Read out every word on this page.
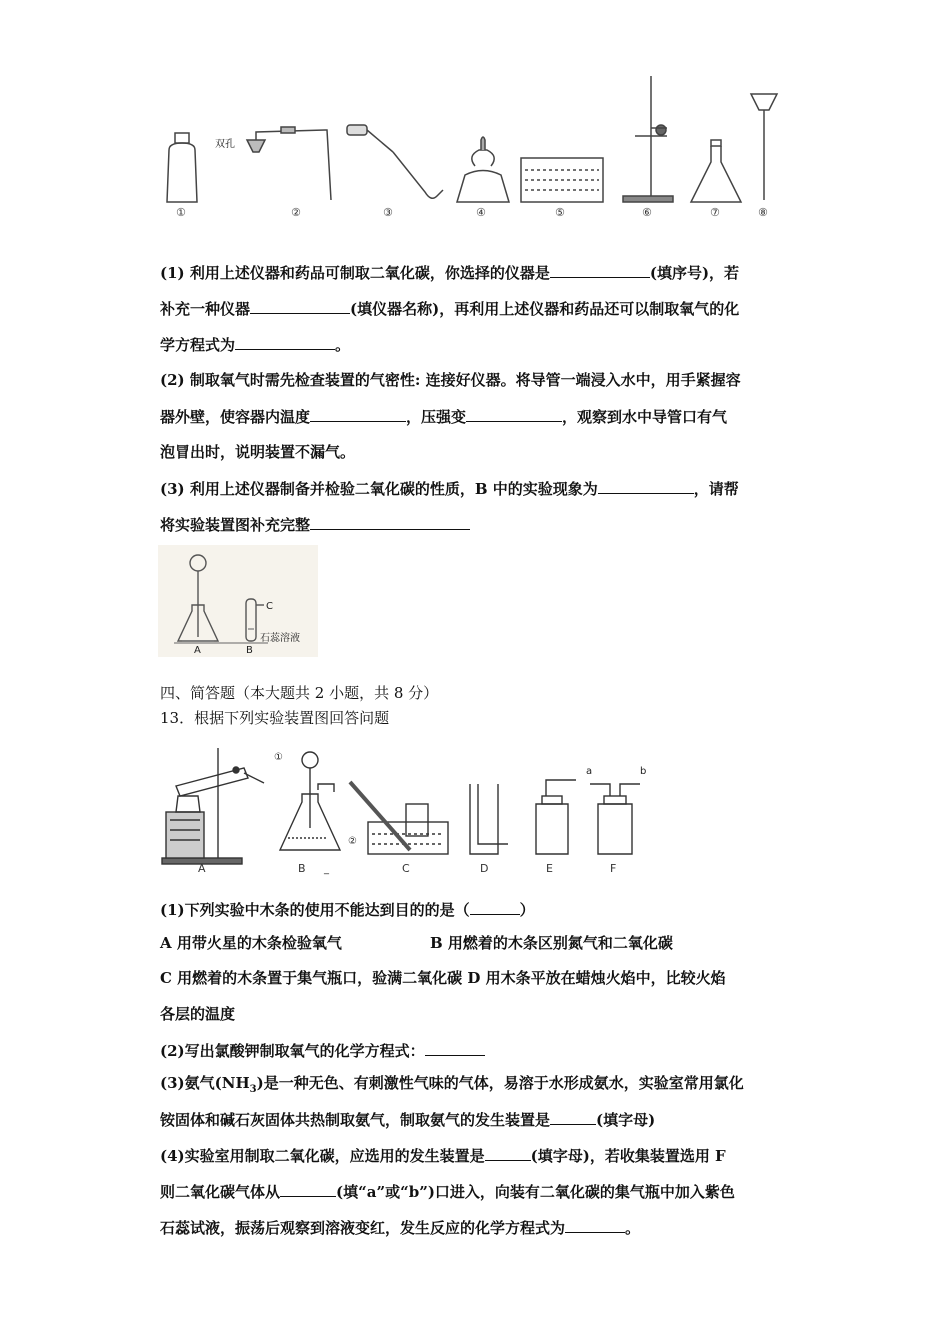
双孔
①	②	③	④	⑤	⑥	⑦	⑧
(1) 利用上述仪器和药品可制取二氧化碳，你选择的仪器是	(填序号)，若
补充一种仪器	(填仪器名称)，再利用上述仪器和药品还可以制取氧气的化
学方程式为	。
(2) 制取氧气时需先检查装置的气密性: 连接好仪器。将导管一端浸入水中，用手紧握容
器外壁，使容器内温度	，压强变	，观察到水中导管口有气
泡冒出时，说明装置不漏气。
(3) 利用上述仪器制备并检验二氧化碳的性质，B 中的实验现象为	，请帮
将实验装置图补充完整
A	B
C
石蕊溶液
四、简答题（本大题共 2 小题，共 8 分）
13．根据下列实验装置图回答问题
①
②
a	b
_
A	B	C	D	E	F
(1)下列实验中木条的使用不能达到目的的是（	）
A 用带火星的木条检验氧气	B 用燃着的木条区别氮气和二氧化碳
C 用燃着的木条置于集气瓶口，验满二氧化碳 D 用木条平放在蜡烛火焰中，比较火焰
各层的温度
(2)写出氯酸钾制取氧气的化学方程式：
(3)氨气$(NH_3)$是一种无色、有刺激性气味的气体，易溶于水形成氨水，实验室常用氯化
铵固体和碱石灰固体共热制取氨气，制取氨气的发生装置是	(填字母)
(4)实验室用制取二氧化碳，应选用的发生装置是	(填字母)，若收集装置选用 F
则二氧化碳气体从	(填“a”或“b”)口进入，向装有二氧化碳的集气瓶中加入紫色
石蕊试液，振荡后观察到溶液变红，发生反应的化学方程式为	。
